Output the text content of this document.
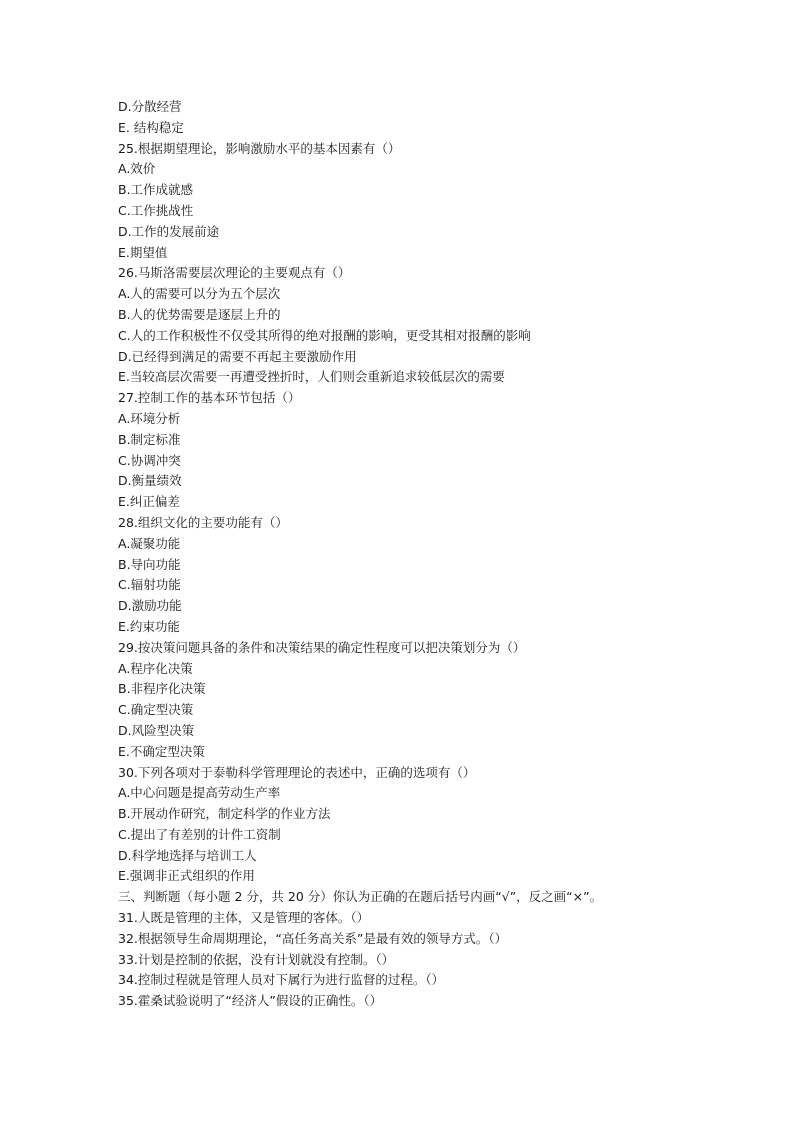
D.分散经营
E. 结构稳定
25.根据期望理论，影响激励水平的基本因素有（）
A.效价
B.工作成就感
C.工作挑战性
D.工作的发展前途
E.期望值
26.马斯洛需要层次理论的主要观点有（）
A.人的需要可以分为五个层次
B.人的优势需要是逐层上升的
C.人的工作积极性不仅受其所得的绝对报酬的影响，更受其相对报酬的影响
D.已经得到满足的需要不再起主要激励作用
E.当较高层次需要一再遭受挫折时，人们则会重新追求较低层次的需要
27.控制工作的基本环节包括（）
A.环境分析
B.制定标准
C.协调冲突
D.衡量绩效
E.纠正偏差
28.组织文化的主要功能有（）
A.凝聚功能
B.导向功能
C.辐射功能
D.激励功能
E.约束功能
29.按决策问题具备的条件和决策结果的确定性程度可以把决策划分为（）
A.程序化决策
B.非程序化决策
C.确定型决策
D.风险型决策
E.不确定型决策
30.下列各项对于泰勒科学管理理论的表述中，正确的选项有（）
A.中心问题是提高劳动生产率
B.开展动作研究，制定科学的作业方法
C.提出了有差别的计件工资制
D.科学地选择与培训工人
E.强调非正式组织的作用
三、判断题（每小题 2 分，共 20 分）你认为正确的在题后括号内画“√”，反之画“×”。
31.人既是管理的主体，又是管理的客体。（）
32.根据领导生命周期理论，“高任务高关系”是最有效的领导方式。（）
33.计划是控制的依据，没有计划就没有控制。（）
34.控制过程就是管理人员对下属行为进行监督的过程。（）
35.霍桑试验说明了“经济人”假设的正确性。（）
